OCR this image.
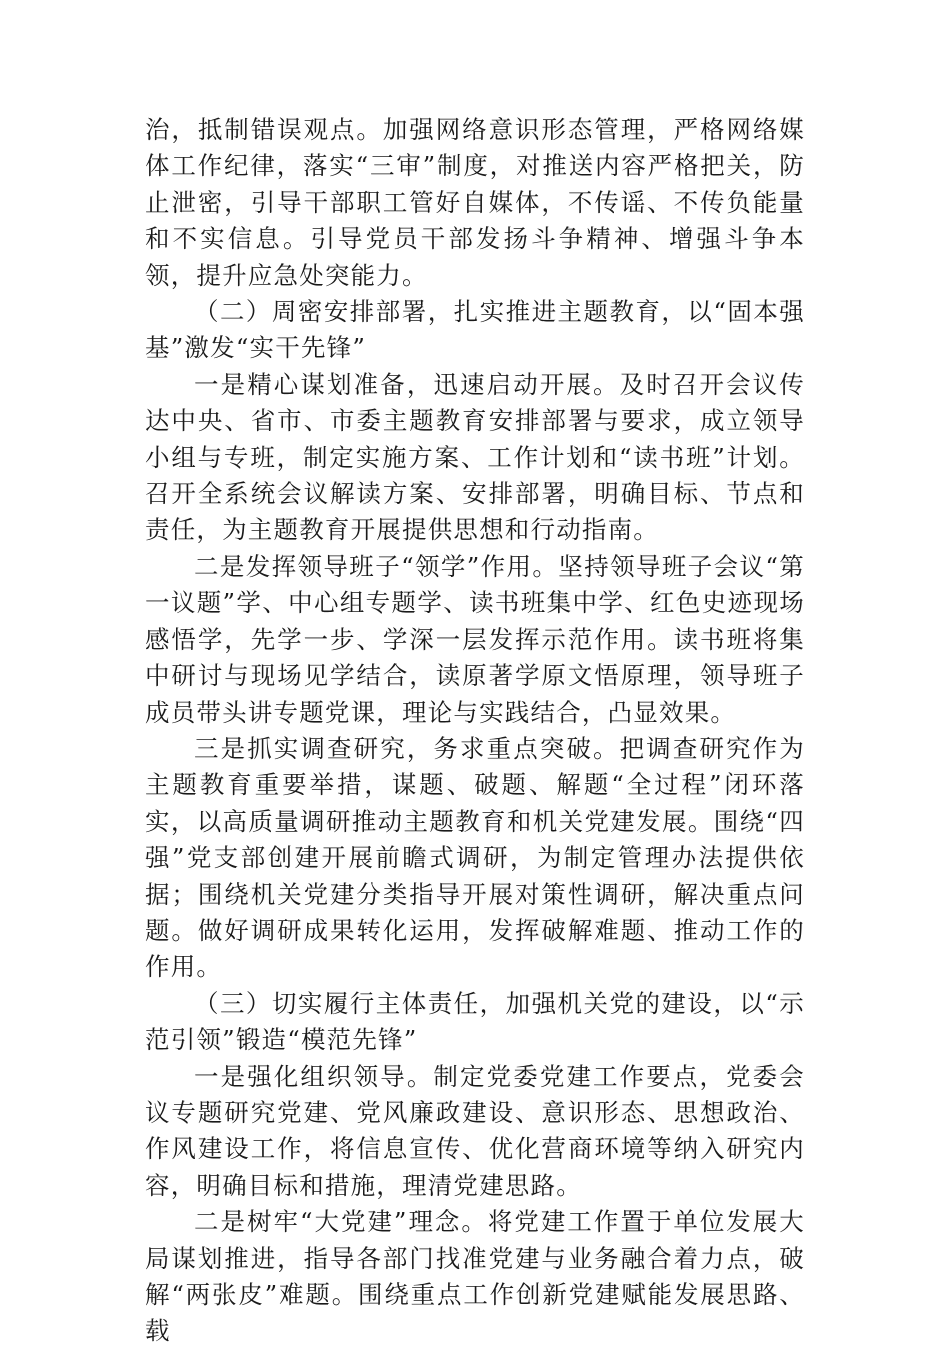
治，抵制错误观点。加强网络意识形态管理，严格网络媒体工作纪律，落实“三审”制度，对推送内容严格把关，防止泄密，引导干部职工管好自媒体，不传谣、不传负能量和不实信息。引导党员干部发扬斗争精神、增强斗争本领，提升应急处突能力。

（二）周密安排部署，扎实推进主题教育，以“固本强基”激发“实干先锋”

一是精心谋划准备，迅速启动开展。及时召开会议传达中央、省市、市委主题教育安排部署与要求，成立领导小组与专班，制定实施方案、工作计划和“读书班”计划。召开全系统会议解读方案、安排部署，明确目标、节点和责任，为主题教育开展提供思想和行动指南。

二是发挥领导班子“领学”作用。坚持领导班子会议“第一议题”学、中心组专题学、读书班集中学、红色史迹现场感悟学，先学一步、学深一层发挥示范作用。读书班将集中研讨与现场见学结合，读原著学原文悟原理，领导班子成员带头讲专题党课，理论与实践结合，凸显效果。

三是抓实调查研究，务求重点突破。把调查研究作为主题教育重要举措，谋题、破题、解题“全过程”闭环落实，以高质量调研推动主题教育和机关党建发展。围绕“四强”党支部创建开展前瞻式调研，为制定管理办法提供依据；围绕机关党建分类指导开展对策性调研，解决重点问题。做好调研成果转化运用，发挥破解难题、推动工作的作用。

（三）切实履行主体责任，加强机关党的建设，以“示范引领”锻造“模范先锋”

一是强化组织领导。制定党委党建工作要点，党委会议专题研究党建、党风廉政建设、意识形态、思想政治、作风建设工作，将信息宣传、优化营商环境等纳入研究内容，明确目标和措施，理清党建思路。

二是树牢“大党建”理念。将党建工作置于单位发展大局谋划推进，指导各部门找准党建与业务融合着力点，破解“两张皮”难题。围绕重点工作创新党建赋能发展思路、载
